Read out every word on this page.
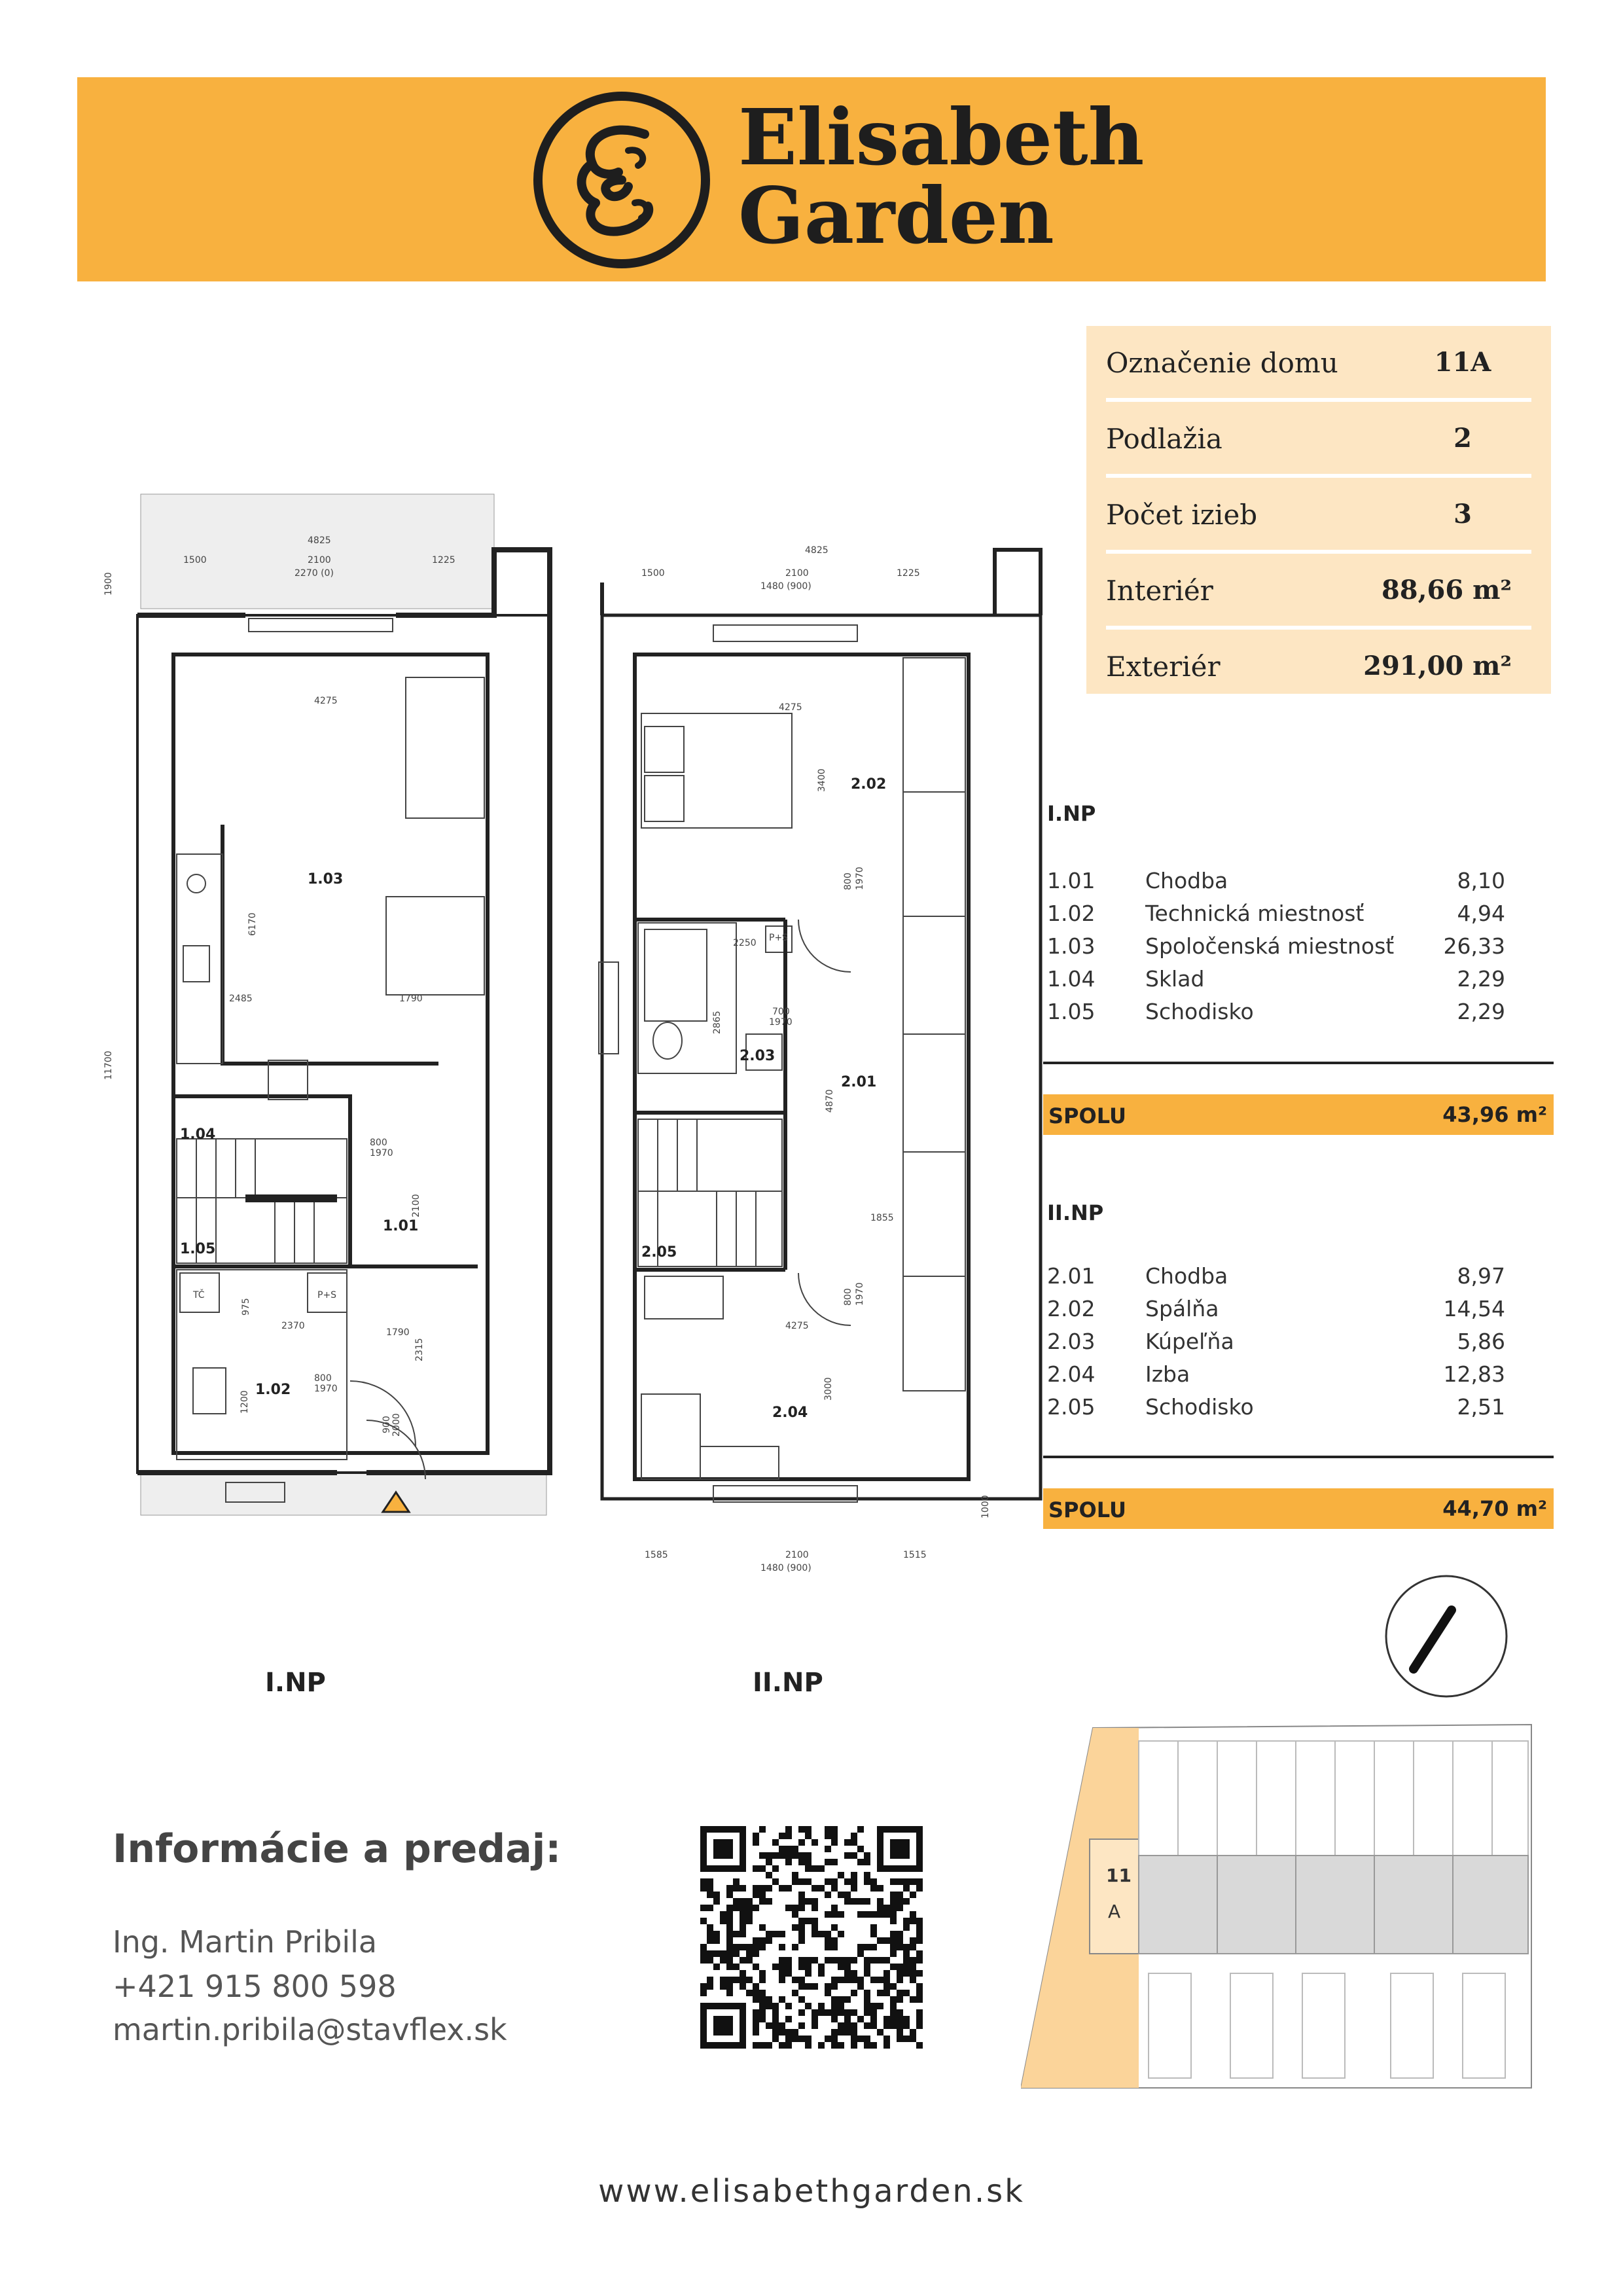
Elisabeth
Garden
Označenie domu	11A
Podlažia	2
Počet izieb	3
Interiér	88,66 m²
Exteriér	291,00 m²
I.NP
1.01 Chodba	8,10
1.02 Technická miestnosť	4,94
1.03 Spoločenská miestnosť 26,33
1.04 Sklad	2,29
1.05 Schodisko	2,29
SPOLU	43,96 m²
II.NP
2.01 Chodba	8,97
2.02 Spálňa	14,54
2.03 Kúpeľňa	5,86
2.04 Izba	12,83
2.05 Schodisko	2,51
SPOLU	44,70 m²
1.03
1.04
1.05
1.01
1.02
4825
1500	2100	1225
2270 (0)
4275
2485	1790
2370
1790
800
1970
800
1970
1900
11700
6170
2100
2315
975
1200
900 2000
TČ	P+S
2.02
2.03
2.01
2.05
2.04
4825
1500	2100	1225
1480 (900)
4275
2250
700
1970
4275
1855
1585	2100	1515
1480 (900)
3400
2865
4870
3000
1000
800 1970
800 1970
P+S
I.NP	II.NP
11
A
Informácie a predaj:
Ing. Martin Pribila
+421 915 800 598
martin.pribila@stavflex.sk
www.elisabethgarden.sk
